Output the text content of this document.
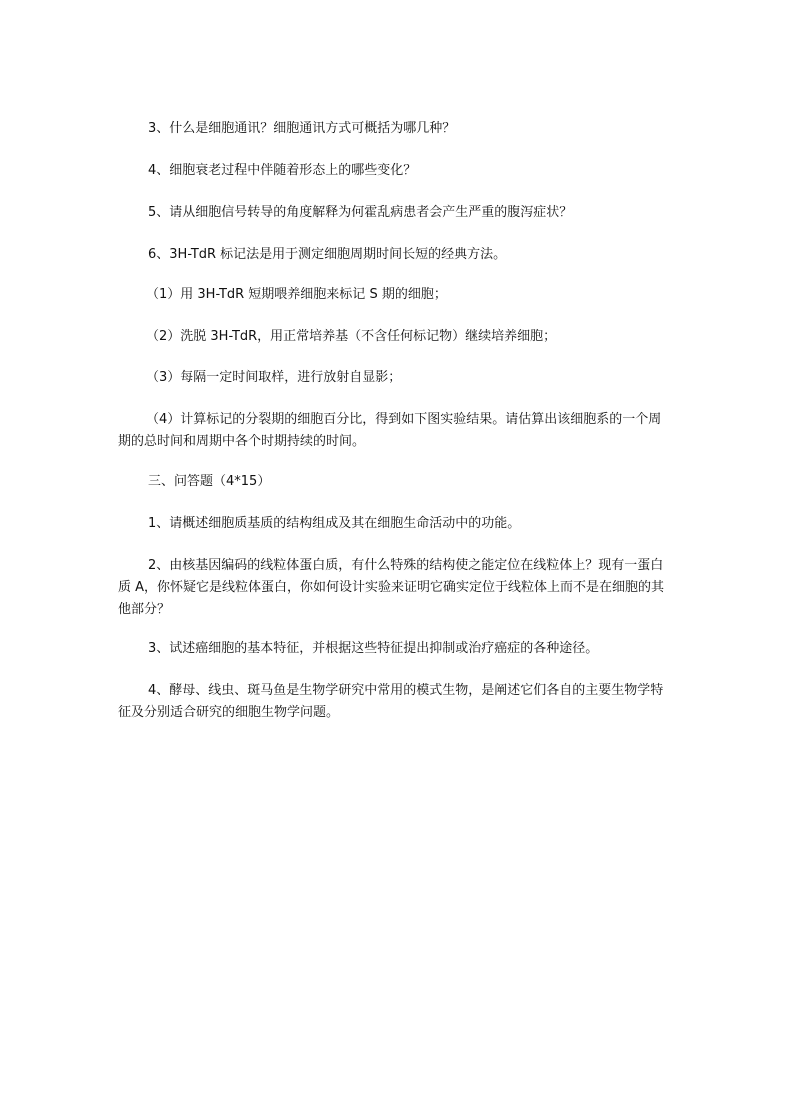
3、什么是细胞通讯？细胞通讯方式可概括为哪几种？

4、细胞衰老过程中伴随着形态上的哪些变化？

5、请从细胞信号转导的角度解释为何霍乱病患者会产生严重的腹泻症状？

6、3H-TdR 标记法是用于测定细胞周期时间长短的经典方法。

（1）用 3H-TdR 短期喂养细胞来标记 S 期的细胞；

（2）洗脱 3H-TdR，用正常培养基（不含任何标记物）继续培养细胞；

（3）每隔一定时间取样，进行放射自显影；

（4）计算标记的分裂期的细胞百分比，得到如下图实验结果。请估算出该细胞系的一个周期的总时间和周期中各个时期持续的时间。

三、问答题（4*15）

1、请概述细胞质基质的结构组成及其在细胞生命活动中的功能。

2、由核基因编码的线粒体蛋白质，有什么特殊的结构使之能定位在线粒体上？现有一蛋白质 A，你怀疑它是线粒体蛋白，你如何设计实验来证明它确实定位于线粒体上而不是在细胞的其他部分？

3、试述癌细胞的基本特征，并根据这些特征提出抑制或治疗癌症的各种途径。

4、酵母、线虫、斑马鱼是生物学研究中常用的模式生物，是阐述它们各自的主要生物学特征及分别适合研究的细胞生物学问题。
